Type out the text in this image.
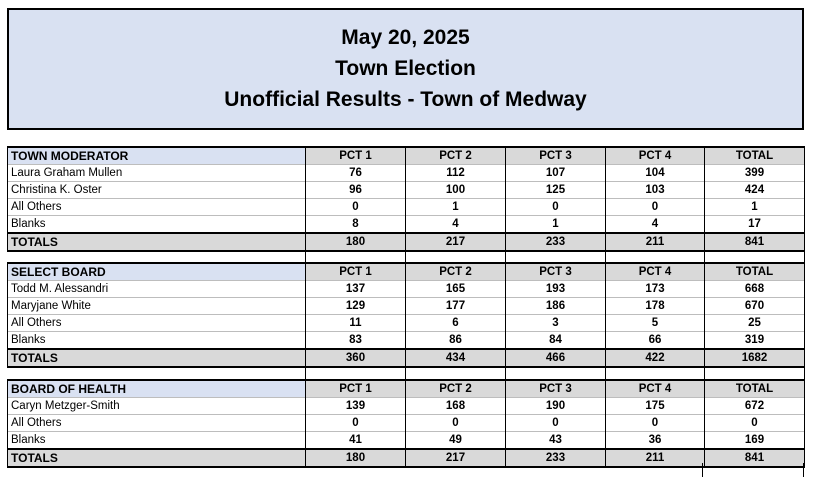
May 20, 2025
Town Election
Unofficial Results - Town of Medway
TOWN MODERATOR	PCT 1	PCT 2	PCT 3	PCT 4	TOTAL
Laura Graham Mullen	76	112	107	104	399
Christina K. Oster	96	100	125	103	424
All Others	0	1	0	0	1
Blanks	8	4	1	4	17
TOTALS	180	217	233	211	841

SELECT BOARD	PCT 1	PCT 2	PCT 3	PCT 4	TOTAL
Todd M. Alessandri	137	165	193	173	668
Maryjane White	129	177	186	178	670
All Others	11	6	3	5	25
Blanks	83	86	84	66	319
TOTALS	360	434	466	422	1682

BOARD OF HEALTH	PCT 1	PCT 2	PCT 3	PCT 4	TOTAL
Caryn Metzger-Smith	139	168	190	175	672
All Others	0	0	0	0	0
Blanks	41	49	43	36	169
TOTALS	180	217	233	211	841
